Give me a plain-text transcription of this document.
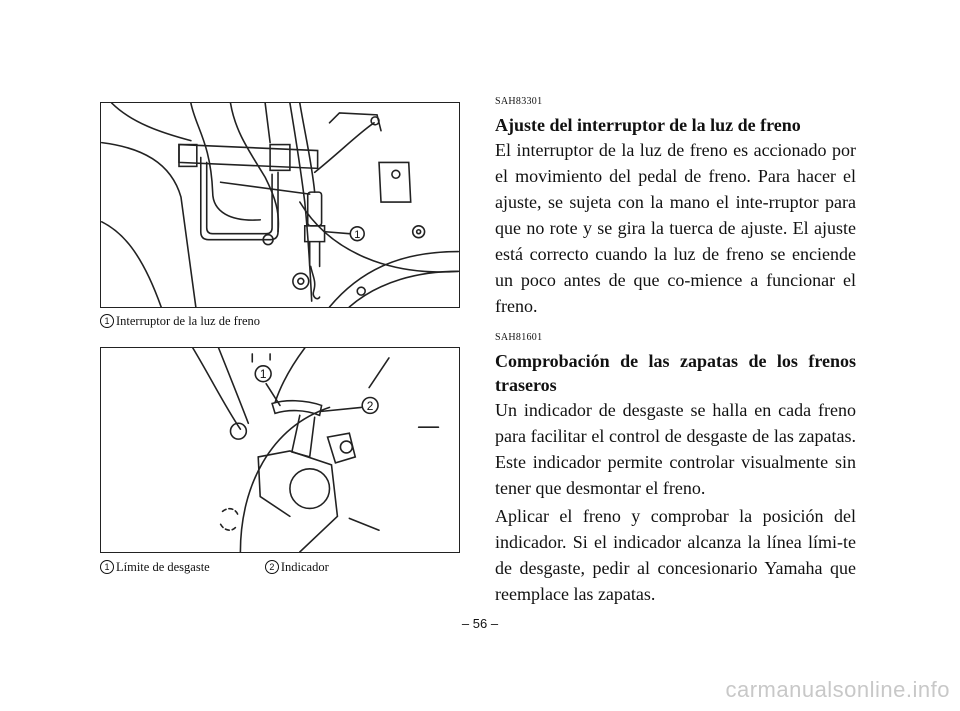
1
1 Interruptor de la luz de freno
1
2
1 Límite de desgaste	2 Indicador

SAH83301

Ajuste del interruptor de la luz de freno

El interruptor de la luz de freno es accionado por el movimiento del pedal de freno. Para hacer el ajuste, se sujeta con la mano el inte-rruptor para que no rote y se gira la tuerca de ajuste. El ajuste está correcto cuando la luz de freno se enciende un poco antes de que co-mience a funcionar el freno.

SAH81601

Comprobación de las zapatas de los frenos traseros

Un indicador de desgaste se halla en cada freno para facilitar el control de desgaste de las zapatas. Este indicador permite controlar visualmente sin tener que desmontar el freno.

Aplicar el freno y comprobar la posición del indicador. Si el indicador alcanza la línea lími-te de desgaste, pedir al concesionario Yamaha que reemplace las zapatas.

– 56 –
carmanualsonline.info
